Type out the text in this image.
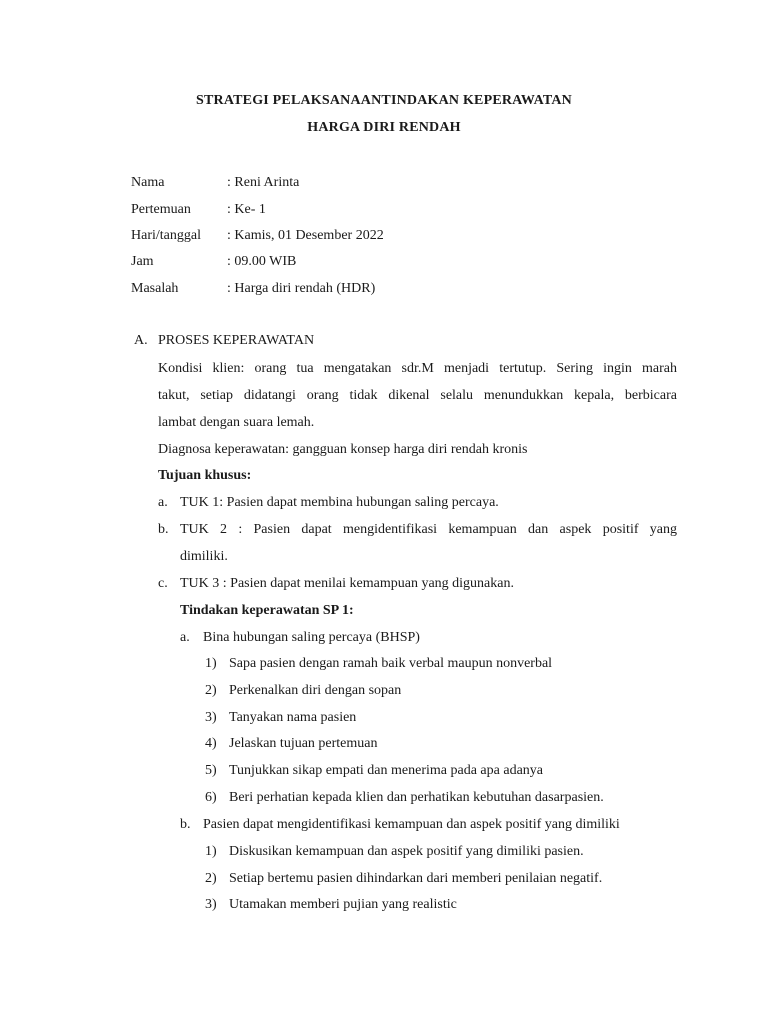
STRATEGI PELAKSANAANTINDAKAN KEPERAWATAN
HARGA DIRI RENDAH
Nama	: Reni Arinta
Pertemuan	: Ke- 1
Hari/tanggal : Kamis, 01 Desember 2022
Jam	: 09.00 WIB
Masalah	: Harga diri rendah (HDR)
A. PROSES KEPERAWATAN
Kondisi klien: orang tua mengatakan sdr.M menjadi tertutup. Sering ingin marah
takut, setiap didatangi orang tidak dikenal selalu menundukkan kepala, berbicara
lambat dengan suara lemah.
Diagnosa keperawatan: gangguan konsep harga diri rendah kronis
Tujuan khusus:
a. TUK 1: Pasien dapat membina hubungan saling percaya.
b. TUK 2 : Pasien dapat mengidentifikasi kemampuan dan aspek positif yang
dimiliki.
c. TUK 3 : Pasien dapat menilai kemampuan yang digunakan.
Tindakan keperawatan SP 1:
a. Bina hubungan saling percaya (BHSP)
1) Sapa pasien dengan ramah baik verbal maupun nonverbal
2) Perkenalkan diri dengan sopan
3) Tanyakan nama pasien
4) Jelaskan tujuan pertemuan
5) Tunjukkan sikap empati dan menerima pada apa adanya
6) Beri perhatian kepada klien dan perhatikan kebutuhan dasarpasien.
b. Pasien dapat mengidentifikasi kemampuan dan aspek positif yang dimiliki
1) Diskusikan kemampuan dan aspek positif yang dimiliki pasien.
2) Setiap bertemu pasien dihindarkan dari memberi penilaian negatif.
3) Utamakan memberi pujian yang realistic
